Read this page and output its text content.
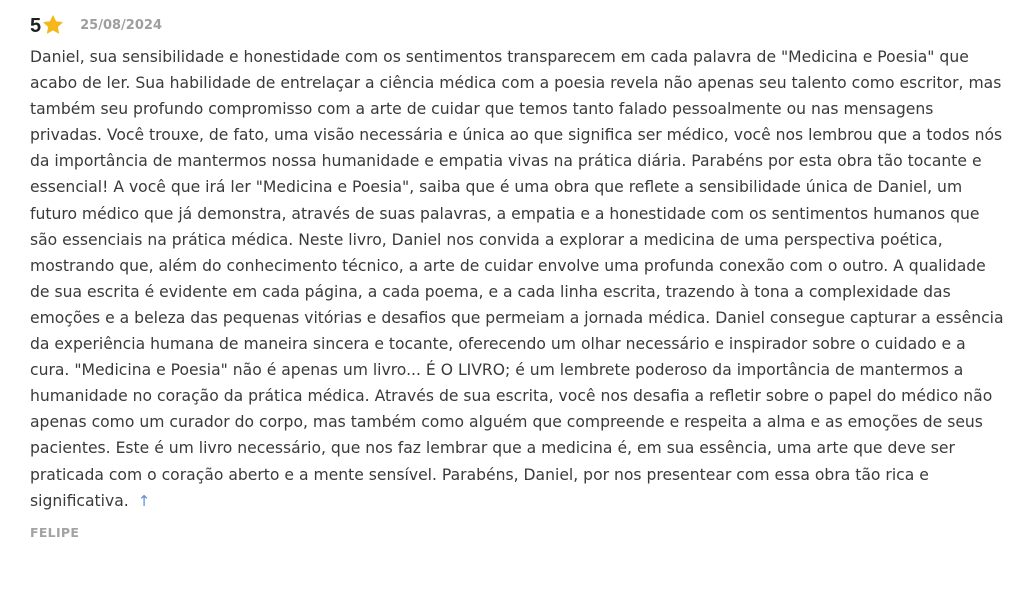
5	25/08/2024
Daniel, sua sensibilidade e honestidade com os sentimentos transparecem em cada palavra de "Medicina e Poesia" que acabo de ler. Sua habilidade de entrelaçar a ciência médica com a poesia revela não apenas seu talento como escritor, mas também seu profundo compromisso com a arte de cuidar que temos tanto falado pessoalmente ou nas mensagens privadas. Você trouxe, de fato, uma visão necessária e única ao que significa ser médico, você nos lembrou que a todos nós da importância de mantermos nossa humanidade e empatia vivas na prática diária. Parabéns por esta obra tão tocante e essencial! A você que irá ler "Medicina e Poesia", saiba que é uma obra que reflete a sensibilidade única de Daniel, um futuro médico que já demonstra, através de suas palavras, a empatia e a honestidade com os sentimentos humanos que são essenciais na prática médica. Neste livro, Daniel nos convida a explorar a medicina de uma perspectiva poética, mostrando que, além do conhecimento técnico, a arte de cuidar envolve uma profunda conexão com o outro. A qualidade de sua escrita é evidente em cada página, a cada poema, e a cada linha escrita, trazendo à tona a complexidade das emoções e a beleza das pequenas vitórias e desafios que permeiam a jornada médica. Daniel consegue capturar a essência da experiência humana de maneira sincera e tocante, oferecendo um olhar necessário e inspirador sobre o cuidado e a cura. "Medicina e Poesia" não é apenas um livro... É O LIVRO; é um lembrete poderoso da importância de mantermos a humanidade no coração da prática médica. Através de sua escrita, você nos desafia a refletir sobre o papel do médico não apenas como um curador do corpo, mas também como alguém que compreende e respeita a alma e as emoções de seus pacientes. Este é um livro necessário, que nos faz lembrar que a medicina é, em sua essência, uma arte que deve ser praticada com o coração aberto e a mente sensível. Parabéns, Daniel, por nos presentear com essa obra tão rica e significativa. ↑
FELIPE
